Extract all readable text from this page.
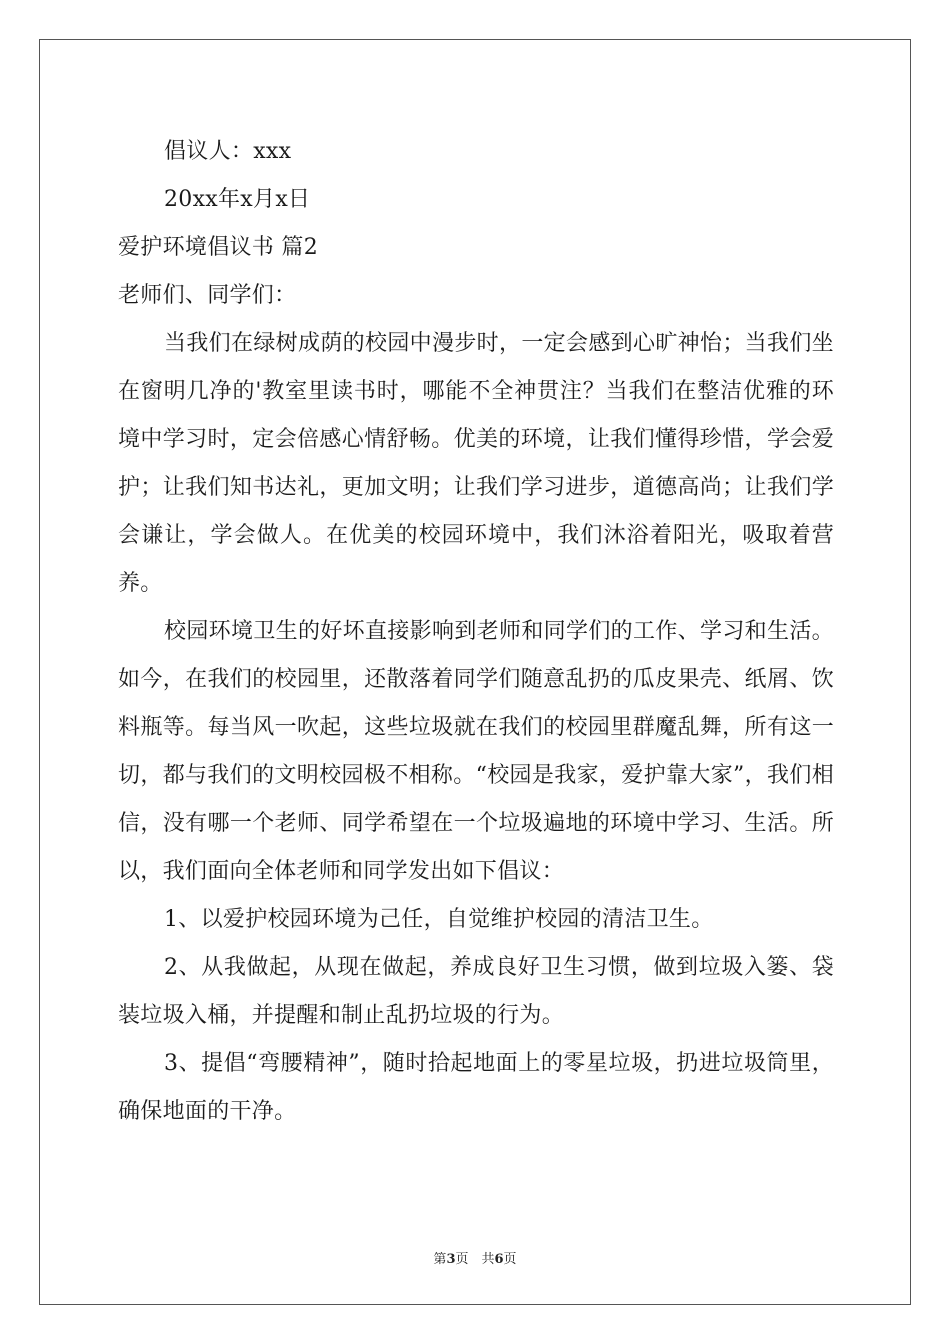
倡议人：xxx
20xx年x月x日
爱护环境倡议书 篇2
老师们、同学们：
当我们在绿树成荫的校园中漫步时，一定会感到心旷神怡；当我们坐在窗明几净的'教室里读书时，哪能不全神贯注？当我们在整洁优雅的环境中学习时，定会倍感心情舒畅。优美的环境，让我们懂得珍惜，学会爱护；让我们知书达礼，更加文明；让我们学习进步，道德高尚；让我们学会谦让，学会做人。在优美的校园环境中，我们沐浴着阳光，吸取着营养。
校园环境卫生的好坏直接影响到老师和同学们的工作、学习和生活。如今，在我们的校园里，还散落着同学们随意乱扔的瓜皮果壳、纸屑、饮料瓶等。每当风一吹起，这些垃圾就在我们的校园里群魔乱舞，所有这一切，都与我们的文明校园极不相称。“校园是我家，爱护靠大家”，我们相信，没有哪一个老师、同学希望在一个垃圾遍地的环境中学习、生活。所以，我们面向全体老师和同学发出如下倡议：
1、以爱护校园环境为己任，自觉维护校园的清洁卫生。
2、从我做起，从现在做起，养成良好卫生习惯，做到垃圾入篓、袋装垃圾入桶，并提醒和制止乱扔垃圾的行为。
3、提倡“弯腰精神”，随时拾起地面上的零星垃圾，扔进垃圾筒里，确保地面的干净。
第3页　共6页
